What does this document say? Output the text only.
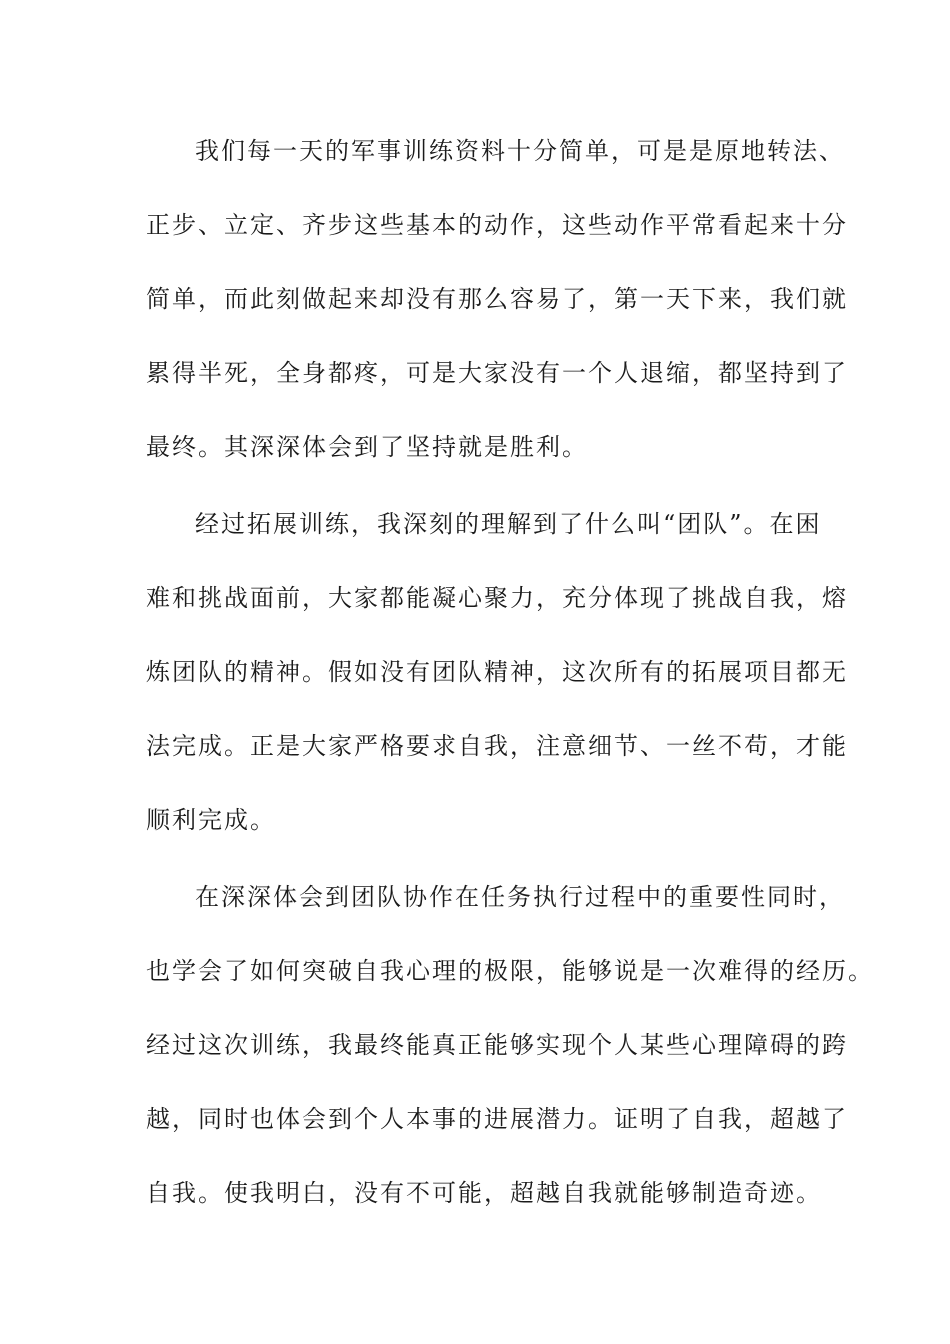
我们每一天的军事训练资料十分简单，可是是原地转法、
正步、立定、齐步这些基本的动作，这些动作平常看起来十分
简单，而此刻做起来却没有那么容易了，第一天下来，我们就
累得半死，全身都疼，可是大家没有一个人退缩，都坚持到了
最终。其深深体会到了坚持就是胜利。
经过拓展训练，我深刻的理解到了什么叫“团队”。在困
难和挑战面前，大家都能凝心聚力，充分体现了挑战自我，熔
炼团队的精神。假如没有团队精神，这次所有的拓展项目都无
法完成。正是大家严格要求自我，注意细节、一丝不苟，才能
顺利完成。
在深深体会到团队协作在任务执行过程中的重要性同时，
也学会了如何突破自我心理的极限，能够说是一次难得的经历。
经过这次训练，我最终能真正能够实现个人某些心理障碍的跨
越，同时也体会到个人本事的进展潜力。证明了自我，超越了
自我。使我明白，没有不可能，超越自我就能够制造奇迹。
